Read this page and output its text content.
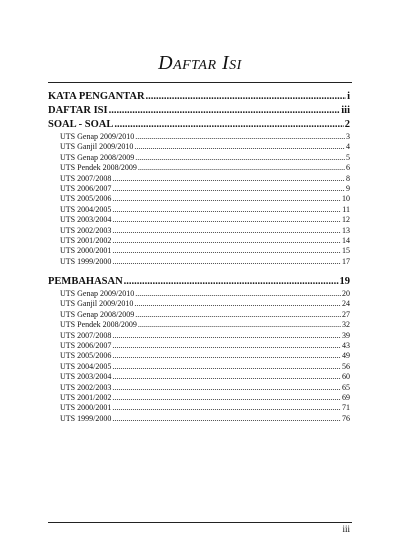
Daftar Isi
KATA PENGANTAR .....	i
DAFTAR ISI .....	iii
SOAL - SOAL .....	2
UTS Genap 2009/2010 .....	3
UTS Ganjil 2009/2010 .....	4
UTS Genap 2008/2009 .....	5
UTS Pendek 2008/2009 .....	6
UTS 2007/2008 .....	8
UTS 2006/2007 .....	9
UTS 2005/2006 .....	10
UTS 2004/2005 .....	11
UTS 2003/2004 .....	12
UTS 2002/2003 .....	13
UTS 2001/2002 .....	14
UTS 2000/2001 .....	15
UTS 1999/2000 .....	17
PEMBAHASAN .....	19
UTS Genap 2009/2010 .....	20
UTS Ganjil 2009/2010 .....	24
UTS Genap 2008/2009 .....	27
UTS Pendek 2008/2009 .....	32
UTS 2007/2008 .....	39
UTS 2006/2007 .....	43
UTS 2005/2006 .....	49
UTS 2004/2005 .....	56
UTS 2003/2004 .....	60
UTS 2002/2003 .....	65
UTS 2001/2002 .....	69
UTS 2000/2001 .....	71
UTS 1999/2000 .....	76
iii
